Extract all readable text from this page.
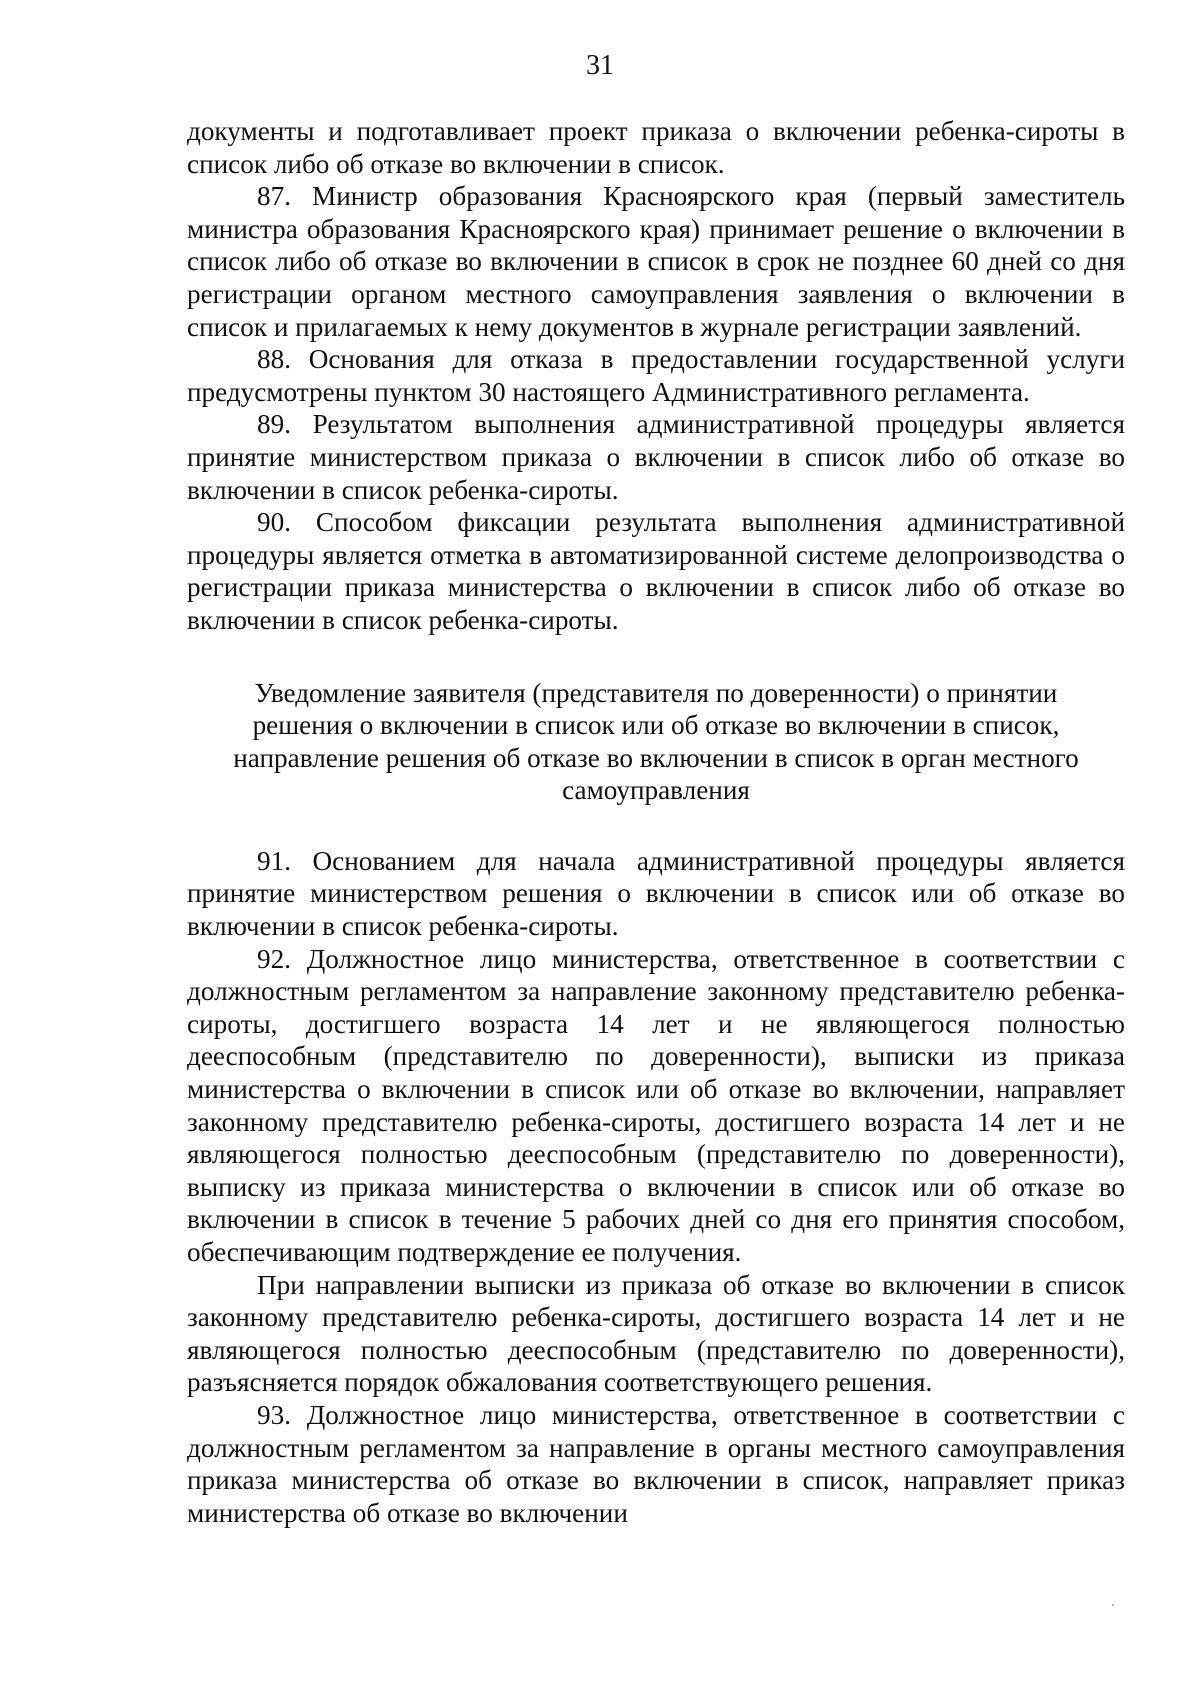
31

документы и подготавливает проект приказа о включении ребенка-сироты в список либо об отказе во включении в список.

87. Министр образования Красноярского края (первый заместитель министра образования Красноярского края) принимает решение о включении в список либо об отказе во включении в список в срок не позднее 60 дней со дня регистрации органом местного самоуправления заявления о включении в список и прилагаемых к нему документов в журнале регистрации заявлений.

88. Основания для отказа в предоставлении государственной услуги предусмотрены пунктом 30 настоящего Административного регламента.

89. Результатом выполнения административной процедуры является принятие министерством приказа о включении в список либо об отказе во включении в список ребенка-сироты.

90. Способом фиксации результата выполнения административной процедуры является отметка в автоматизированной системе делопроизводства о регистрации приказа министерства о включении в список либо об отказе во включении в список ребенка-сироты.

Уведомление заявителя (представителя по доверенности) о принятии
решения о включении в список или об отказе во включении в список,
направление решения об отказе во включении в список в орган местного
самоуправления

91. Основанием для начала административной процедуры является принятие министерством решения о включении в список или об отказе во включении в список ребенка-сироты.

92. Должностное лицо министерства, ответственное в соответствии с должностным регламентом за направление законному представителю ребенка-сироты, достигшего возраста 14 лет и не являющегося полностью дееспособным (представителю по доверенности), выписки из приказа министерства о включении в список или об отказе во включении, направляет законному представителю ребенка-сироты, достигшего возраста 14 лет и не являющегося полностью дееспособным (представителю по доверенности), выписку из приказа министерства о включении в список или об отказе во включении в список в течение 5 рабочих дней со дня его принятия способом, обеспечивающим подтверждение ее получения.

При направлении выписки из приказа об отказе во включении в список законному представителю ребенка-сироты, достигшего возраста 14 лет и не являющегося полностью дееспособным (представителю по доверенности), разъясняется порядок обжалования соответствующего решения.

93. Должностное лицо министерства, ответственное в соответствии с должностным регламентом за направление в органы местного самоуправления приказа министерства об отказе во включении в список, направляет приказ министерства об отказе во включении
